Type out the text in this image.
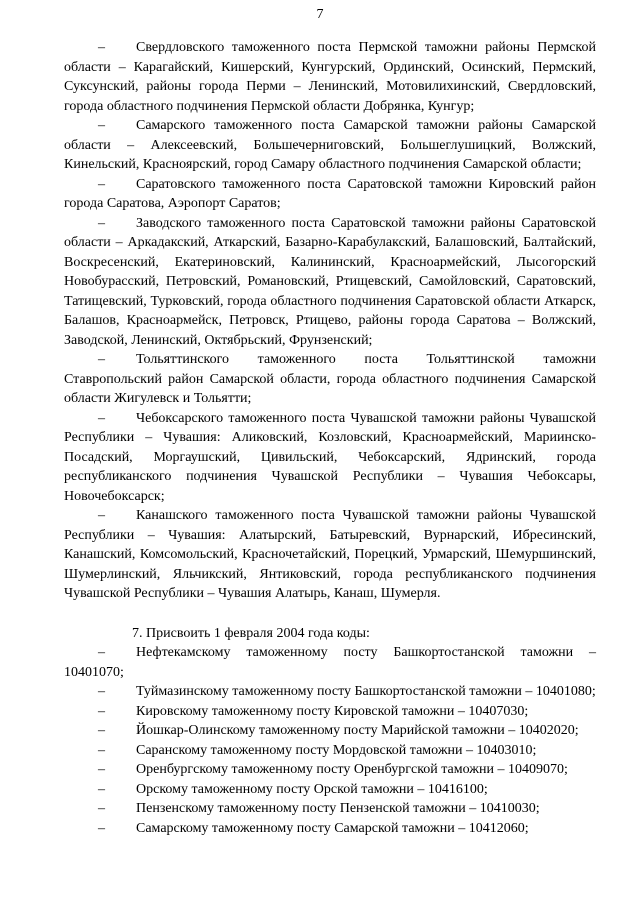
7

– Свердловского таможенного поста Пермской таможни районы Пермской области – Карагайский, Кишерский, Кунгурский, Ординский, Осинский, Пермский, Суксунский, районы города Перми – Ленинский, Мотовилихинский, Свердловский, города областного подчинения Пермской области Добрянка, Кунгур;

– Самарского таможенного поста Самарской таможни районы Самарской области – Алексеевский, Большечерниговский, Большеглушицкий, Волжский, Кинельский, Красноярский, город Самару областного подчинения Самарской области;

– Саратовского таможенного поста Саратовской таможни Кировский район города Саратова, Аэропорт Саратов;

– Заводского таможенного поста Саратовской таможни районы Саратовской области – Аркадакский, Аткарский, Базарно-Карабулакский, Балашовский, Балтайский, Воскресенский, Екатериновский, Калининский, Красноармейский, Лысогорский Новобурасский, Петровский, Романовский, Ртищевский, Самойловский, Саратовский, Татищевский, Турковский, города областного подчинения Саратовской области Аткарск, Балашов, Красноармейск, Петровск, Ртищево, районы города Саратова – Волжский, Заводской, Ленинский, Октябрьский, Фрунзенский;

– Тольяттинского таможенного поста Тольяттинской таможни Ставропольский район Самарской области, города областного подчинения Самарской области Жигулевск и Тольятти;

– Чебоксарского таможенного поста Чувашской таможни районы Чувашской Республики – Чувашия: Аликовский, Козловский, Красноармейский, Мариинско-Посадский, Моргаушский, Цивильский, Чебоксарский, Ядринский, города республиканского подчинения Чувашской Республики – Чувашия Чебоксары, Новочебоксарск;

– Канашского таможенного поста Чувашской таможни районы Чувашской Республики – Чувашия: Алатырский, Батыревский, Вурнарский, Ибресинский, Канашский, Комсомольский, Красночетайский, Порецкий, Урмарский, Шемуршинский, Шумерлинский, Яльчикский, Янтиковский, города республиканского подчинения Чувашской Республики – Чувашия Алатырь, Канаш, Шумерля.

7. Присвоить 1 февраля 2004 года коды:

– Нефтекамскому таможенному посту Башкортостанской таможни – 10401070;

– Туймазинскому таможенному посту Башкортостанской таможни – 10401080;

– Кировскому таможенному посту Кировской таможни – 10407030;

– Йошкар-Олинскому таможенному посту Марийской таможни – 10402020;

– Саранскому таможенному посту Мордовской таможни – 10403010;

– Оренбургскому таможенному посту Оренбургской таможни – 10409070;

– Орскому таможенному посту Орской таможни – 10416100;

– Пензенскому таможенному посту Пензенской таможни – 10410030;

– Самарскому таможенному посту Самарской таможни – 10412060;
